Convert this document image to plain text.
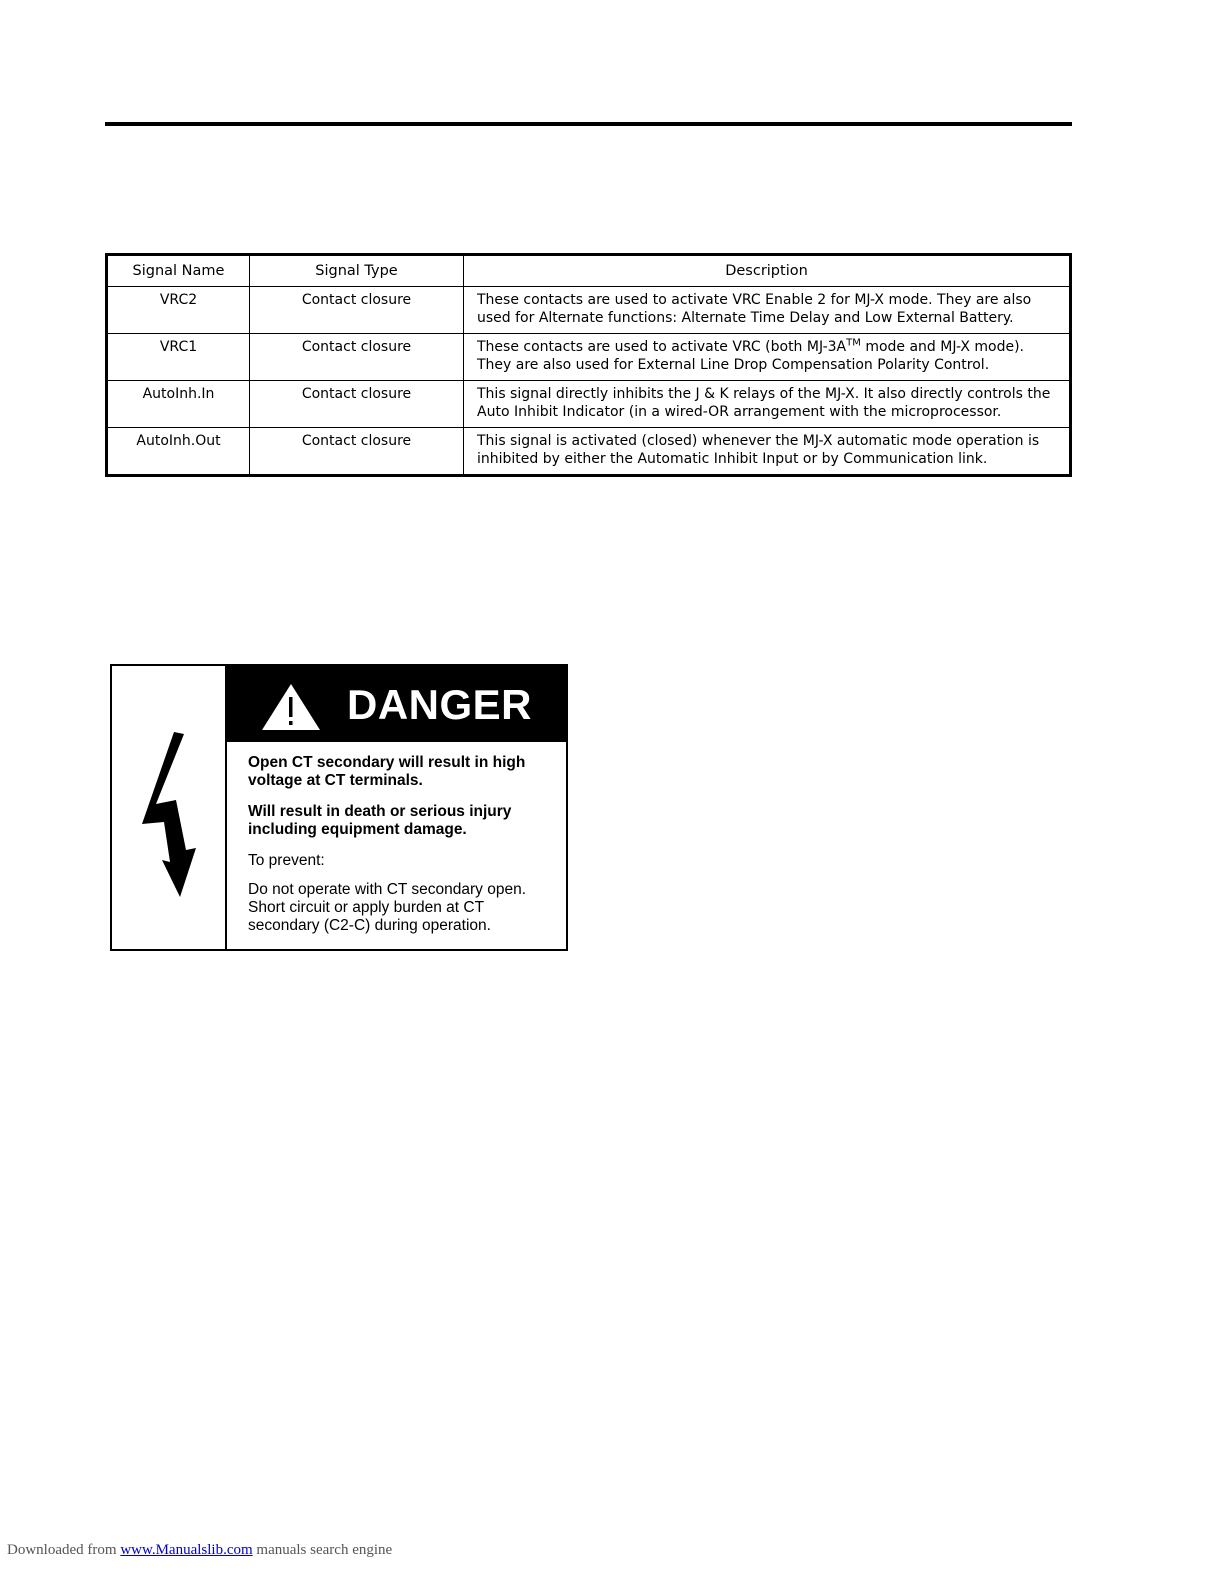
Signal Name	Signal Type	Description
VRC2	Contact closure	These contacts are used to activate VRC Enable 2 for MJ-X mode. They are also
used for Alternate functions: Alternate Time Delay and Low External Battery.
VRC1	Contact closure	These contacts are used to activate VRC (both MJ-3A™ mode and MJ-X mode).
They are also used for External Line Drop Compensation Polarity Control.
AutoInh.In	Contact closure	This signal directly inhibits the J & K relays of the MJ-X. It also directly controls the
Auto Inhibit Indicator (in a wired-OR arrangement with the microprocessor.
AutoInh.Out	Contact closure	This signal is activated (closed) whenever the MJ-X automatic mode operation is
inhibited by either the Automatic Inhibit Input or by Communication link.
DANGER

Open CT secondary will result in high
voltage at CT terminals.

Will result in death or serious injury
including equipment damage.

To prevent:

Do not operate with CT secondary open.
Short circuit or apply burden at CT
secondary (C2-C) during operation.

Downloaded from www.Manualslib.com manuals search engine
